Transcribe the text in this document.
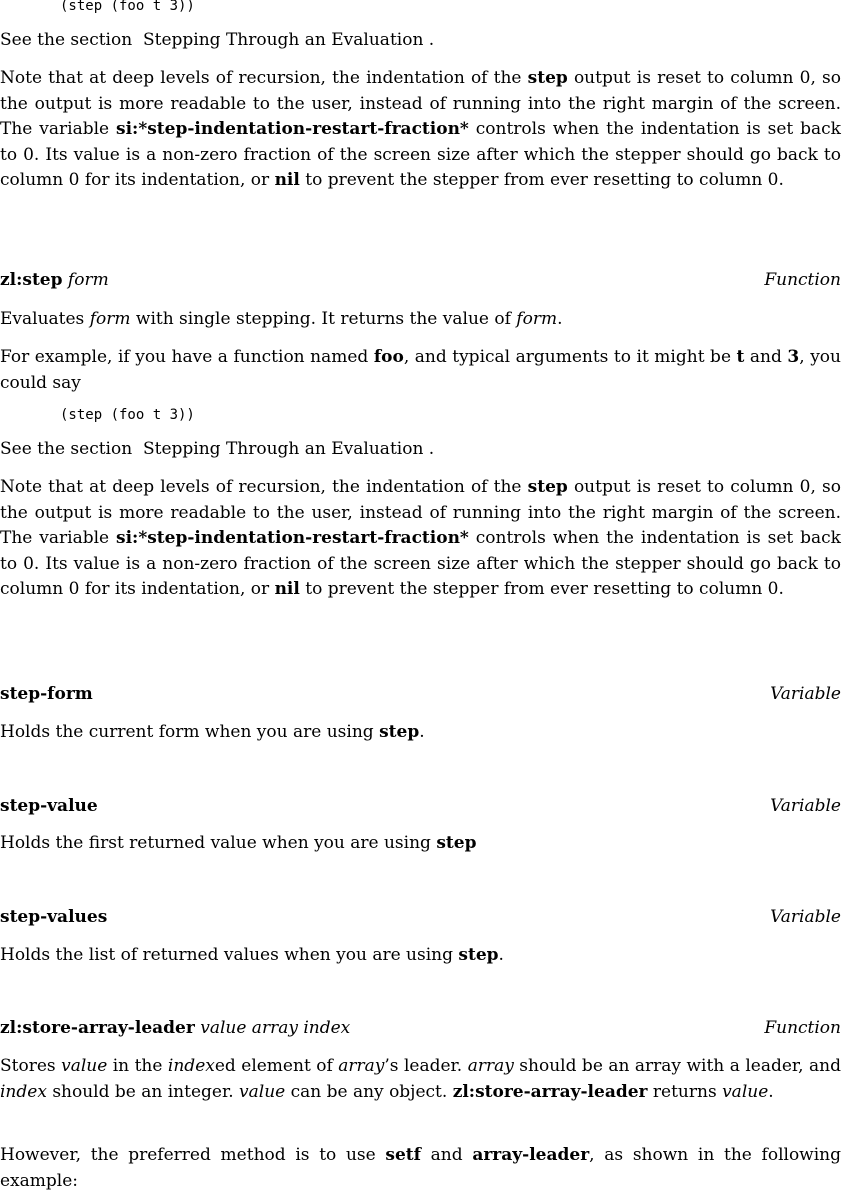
(step (foo t 3))
See the section  Stepping Through an Evaluation .
Note that at deep levels of recursion, the indentation of the step output is reset to column 0, so the output is more readable to the user, instead of running into the right margin of the screen. The variable si:*step-indentation-restart-fraction* controls when the indentation is set back to 0. Its value is a non-zero fraction of the screen size after which the stepper should go back to column 0 for its indentation, or nil to prevent the stepper from ever resetting to column 0.
zl:step form	Function
Evaluates form with single stepping. It returns the value of form.
For example, if you have a function named foo, and typical arguments to it might be t and 3, you could say
(step (foo t 3))
See the section  Stepping Through an Evaluation .
Note that at deep levels of recursion, the indentation of the step output is reset to column 0, so the output is more readable to the user, instead of running into the right margin of the screen. The variable si:*step-indentation-restart-fraction* controls when the indentation is set back to 0. Its value is a non-zero fraction of the screen size after which the stepper should go back to column 0 for its indentation, or nil to prevent the stepper from ever resetting to column 0.
step-form	Variable
Holds the current form when you are using step.
step-value	Variable
Holds the first returned value when you are using step
step-values	Variable
Holds the list of returned values when you are using step.
zl:store-array-leader value array index	Function
Stores value in the indexed element of array’s leader. array should be an array with a leader, and index should be an integer. value can be any object. zl:store-array-leader returns value.
However, the preferred method is to use setf and array-leader, as shown in the following example:
